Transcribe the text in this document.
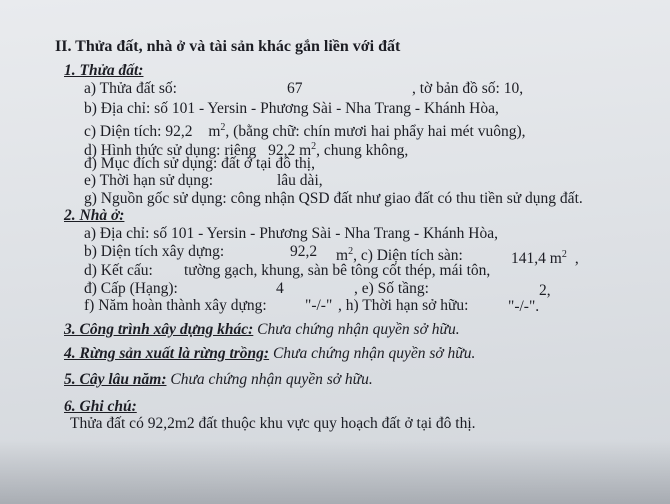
II. Thửa đất, nhà ở và tài sản khác gắn liền với đất
1. Thửa đất:
a) Thửa đất số:	67	, tờ bản đồ số: 10,
b) Địa chỉ: số 101 - Yersin - Phương Sài - Nha Trang - Khánh Hòa,
c) Diện tích: 92,2 $m^2$, (bằng chữ: chín mươi hai phẩy hai mét vuông),
d) Hình thức sử dụng: riêng 92,2 $m^2$, chung không,
đ) Mục đích sử dụng: đất ở tại đô thị,
e) Thời hạn sử dụng:	lâu dài,
g) Nguồn gốc sử dụng: công nhận QSD đất như giao đất có thu tiền sử dụng đất.
2. Nhà ở:
a) Địa chỉ: số 101 - Yersin - Phương Sài - Nha Trang - Khánh Hòa,
b) Diện tích xây dựng:	92,2 $m^2$, c) Diện tích sàn:	141,4 $m^2$ ,
d) Kết cấu: tường gạch, khung, sàn bê tông cốt thép, mái tôn,
đ) Cấp (Hạng):	4	, e) Số tầng:	2,
f) Năm hoàn thành xây dựng: "-/-" , h) Thời hạn sở hữu:	"-/-".
3. Công trình xây dựng khác: Chưa chứng nhận quyền sở hữu.
4. Rừng sản xuất là rừng trồng: Chưa chứng nhận quyền sở hữu.
5. Cây lâu năm: Chưa chứng nhận quyền sở hữu.
6. Ghi chú:
Thửa đất có 92,2m2 đất thuộc khu vực quy hoạch đất ở tại đô thị.
